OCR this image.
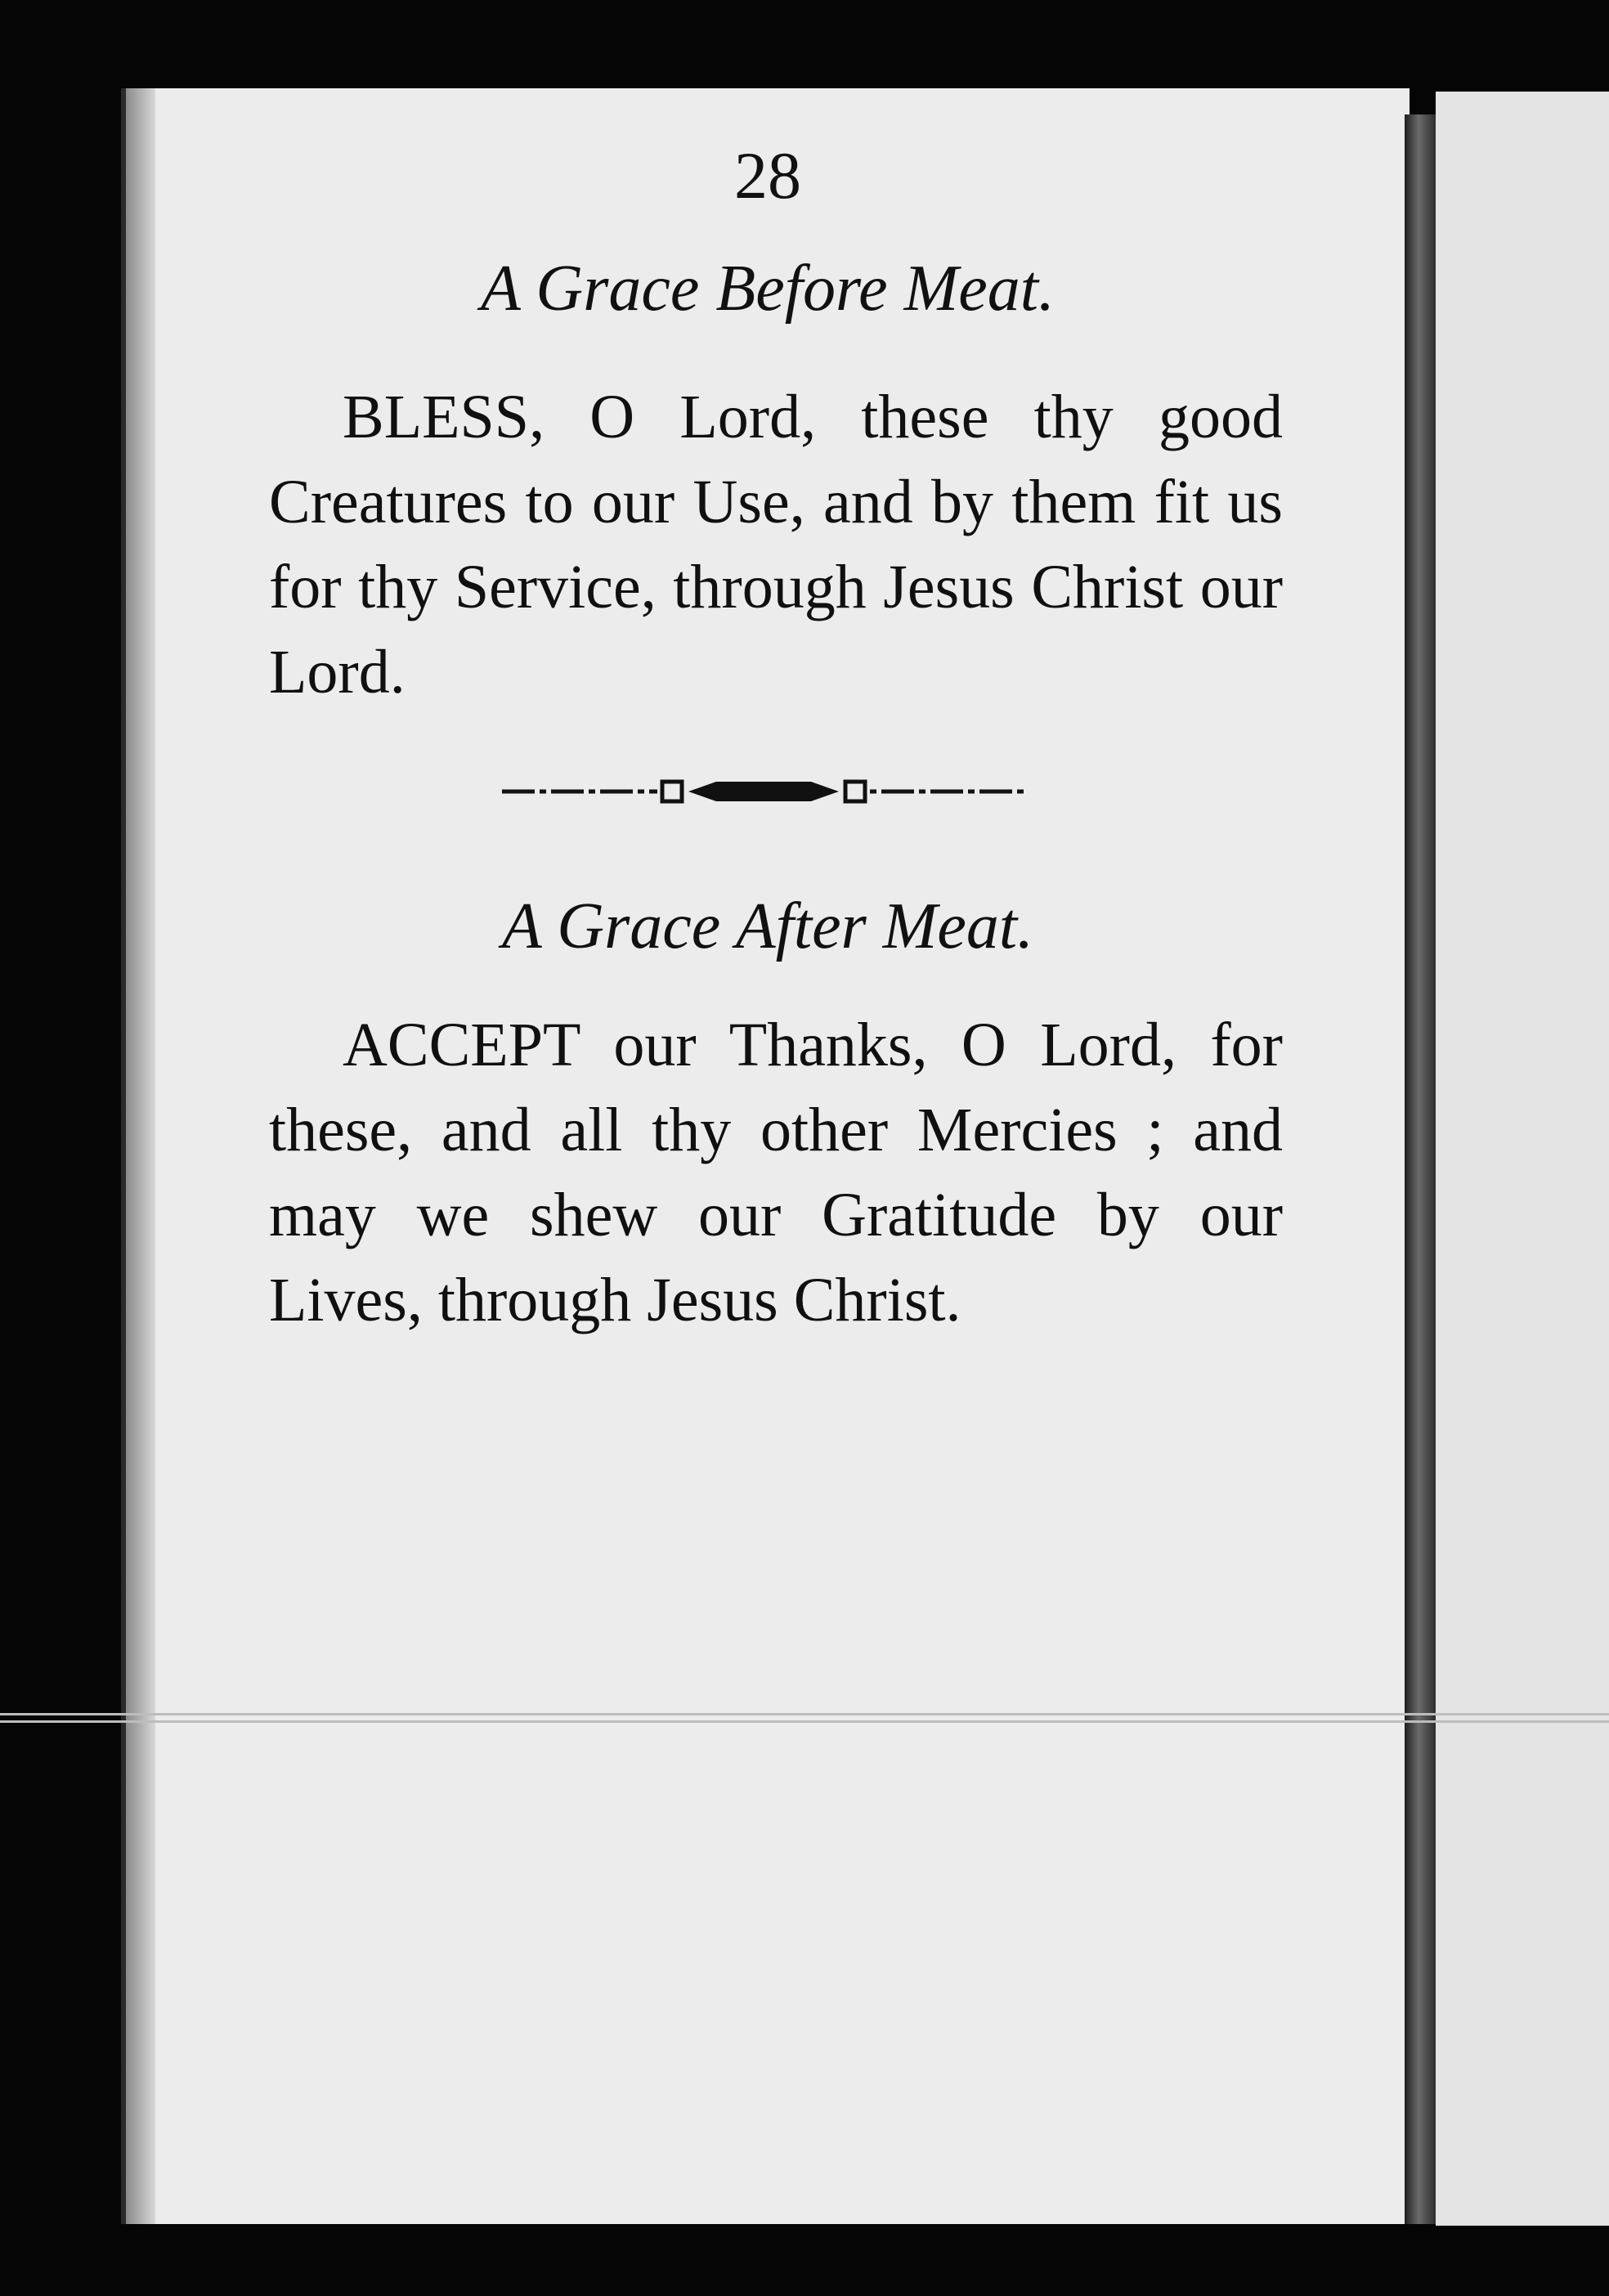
28
A Grace Before Meat.
BLESS, O Lord, these thy good Creatures to our Use, and by them fit us for thy Service, through Jesus Christ our Lord.
A Grace After Meat.
ACCEPT our Thanks, O Lord, for these, and all thy other Mercies ; and may we shew our Gratitude by our Lives, through Jesus Christ.
